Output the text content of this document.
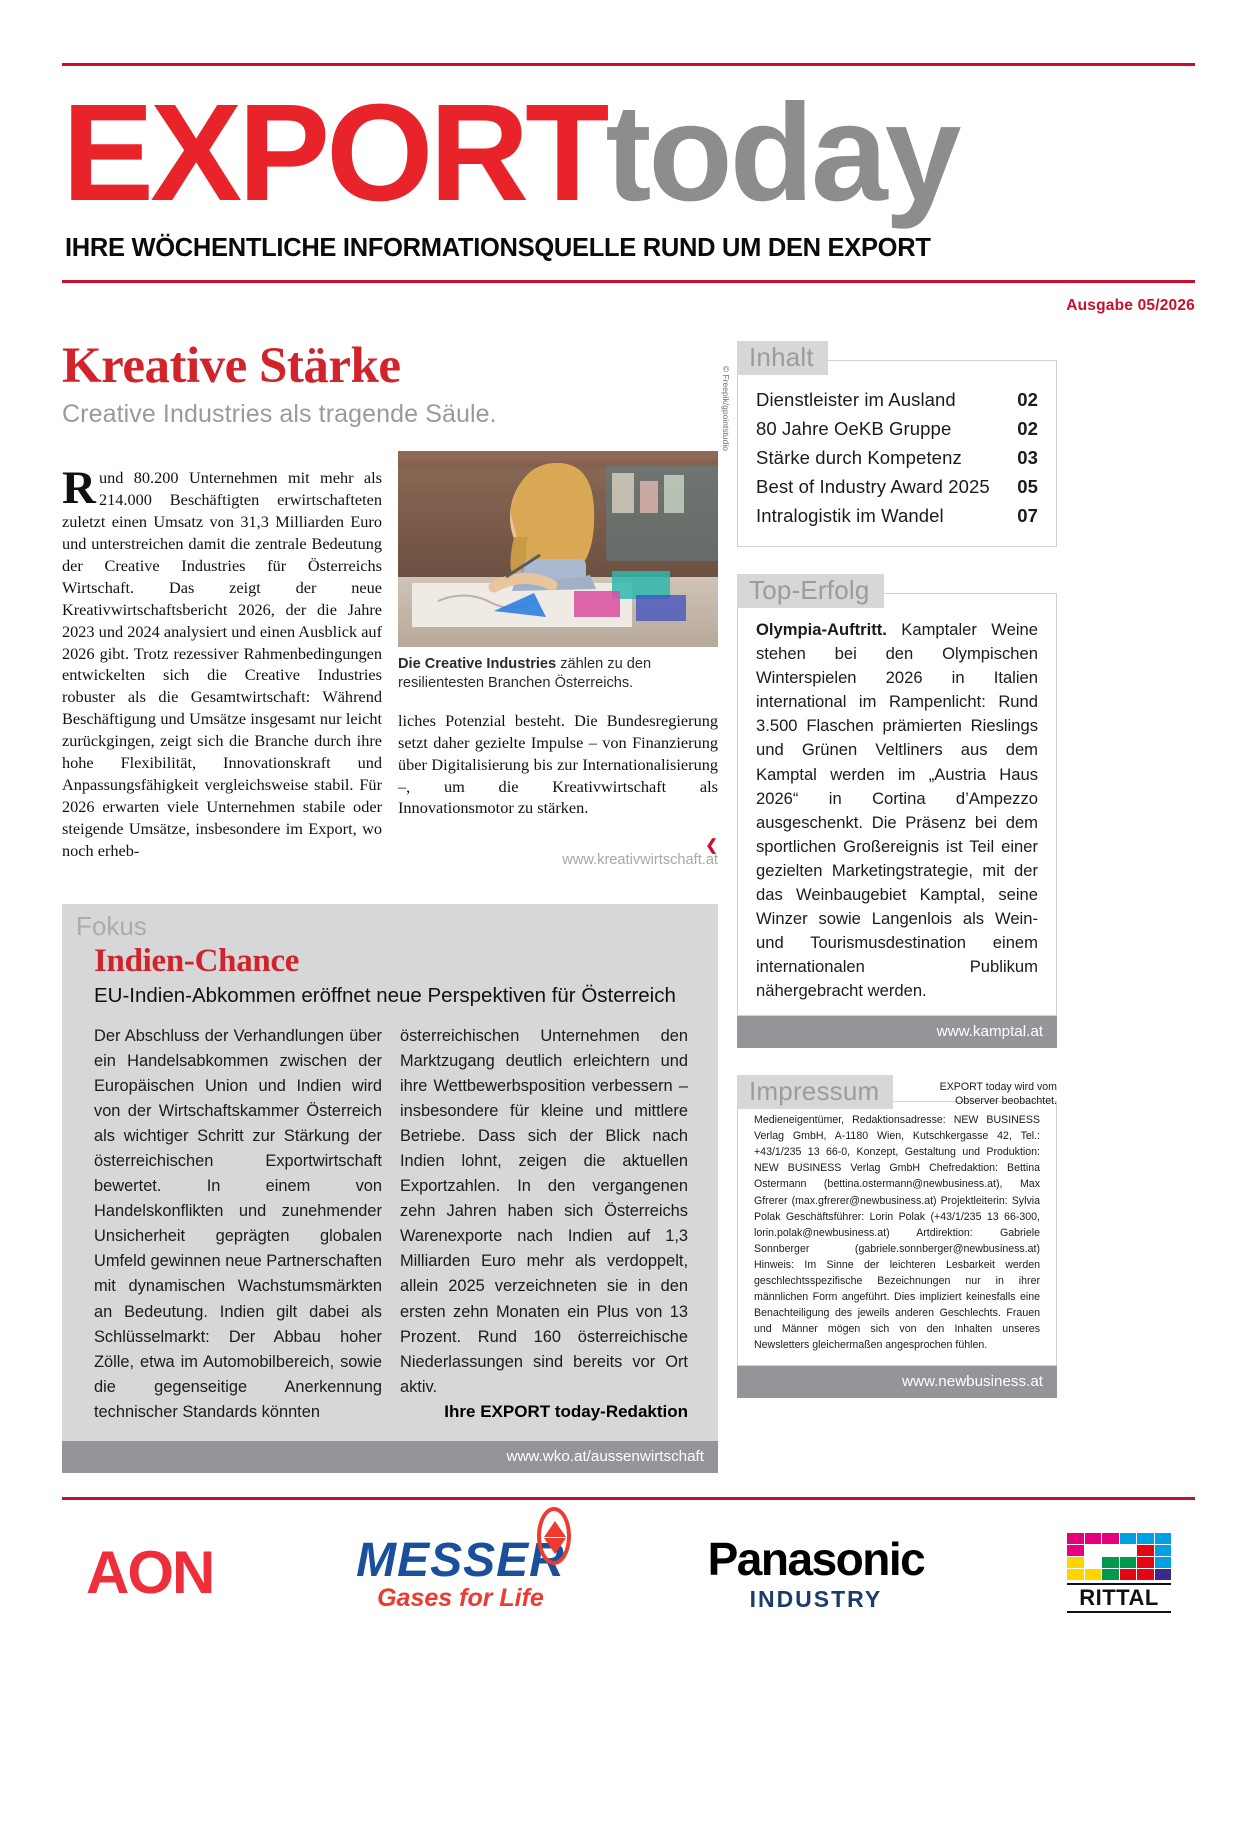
EXPORTtoday
IHRE WÖCHENTLICHE INFORMATIONSQUELLE RUND UM DEN EXPORT
Ausgabe 05/2026
Kreative Stärke
Creative Industries als tragende Säule.

Rund 80.200 Unternehmen mit mehr als 214.000 Beschäftigten erwirtschafteten zuletzt einen Umsatz von 31,3 Milliarden Euro und unterstreichen damit die zentrale Bedeutung der Creative Industries für Österreichs Wirtschaft. Das zeigt der neue Kreativwirtschaftsbericht 2026, der die Jahre 2023 und 2024 analysiert und einen Ausblick auf 2026 gibt. Trotz rezessiver Rahmenbedingungen entwickelten sich die Creative Industries robuster als die Gesamtwirtschaft: Während Beschäftigung und Umsätze insgesamt nur leicht zurückgingen, zeigt sich die Branche durch ihre hohe Flexibilität, Innovationskraft und Anpassungsfähigkeit vergleichsweise stabil. Für 2026 erwarten viele Unternehmen stabile oder steigende Umsätze, insbesondere im Export, wo noch erheb-

© Freepik/gpointstudio
Die Creative Industries zählen zu den resilientesten Branchen Österreichs.

liches Potenzial besteht. Die Bundesregierung setzt daher gezielte Impulse – von Finanzierung über Digitalisierung bis zur Internationalisierung –, um die Kreativwirtschaft als Innovationsmotor zu stärken.

❮
www.kreativwirtschaft.at
Fokus
Indien-Chance
EU-Indien-Abkommen eröffnet neue Perspektiven für Österreich
Der Abschluss der Verhandlungen über ein Handelsabkommen zwischen der Europäischen Union und Indien wird von der Wirtschaftskammer Österreich als wichtiger Schritt zur Stärkung der österreichischen Exportwirtschaft bewertet. In einem von Handelskonflikten und zunehmender Unsicherheit geprägten globalen Umfeld gewinnen neue Partnerschaften mit dynamischen Wachstumsmärkten an Bedeutung. Indien gilt dabei als Schlüsselmarkt: Der Abbau hoher Zölle, etwa im Automobilbereich, sowie die gegenseitige Anerkennung technischer Standards könnten
österreichischen Unternehmen den Marktzugang deutlich erleichtern und ihre Wettbewerbsposition verbessern – insbesondere für kleine und mittlere Betriebe. Dass sich der Blick nach Indien lohnt, zeigen die aktuellen Exportzahlen. In den vergangenen zehn Jahren haben sich Österreichs Warenexporte nach Indien auf 1,3 Milliarden Euro mehr als verdoppelt, allein 2025 verzeichneten sie in den ersten zehn Monaten ein Plus von 13 Prozent. Rund 160 österreichische Niederlassungen sind bereits vor Ort aktiv.
Ihre EXPORT today-Redaktion
www.wko.at/aussenwirtschaft
Inhalt
Dienstleister im Ausland	02
80 Jahre OeKB Gruppe	02
Stärke durch Kompetenz	03
Best of Industry Award 2025	05
Intralogistik im Wandel	07
Top-Erfolg
Olympia-Auftritt. Kamptaler Weine stehen bei den Olympischen Winterspielen 2026 in Italien international im Rampenlicht: Rund 3.500 Flaschen prämierten Rieslings und Grünen Veltliners aus dem Kamptal werden im „Austria Haus 2026“ in Cortina d’Ampezzo ausgeschenkt. Die Präsenz bei dem sportlichen Großereignis ist Teil einer gezielten Marketingstrategie, mit der das Weinbaugebiet Kamptal, seine Winzer sowie Langenlois als Wein- und Tourismusdestination einem internationalen Publikum nähergebracht werden.
www.kamptal.at
Impressum	EXPORT today wird vom Observer beobachtet.
Medieneigentümer, Redaktionsadresse: NEW BUSINESS Verlag GmbH, A-1180 Wien, Kutschkergasse 42, Tel.: +43/1/235 13 66-0, Konzept, Gestaltung und Produktion: NEW BUSINESS Verlag GmbH Chefredaktion: Bettina Ostermann (bettina.ostermann@newbusiness.at), Max Gfrerer (max.gfrerer@newbusiness.at) Projektleiterin: Sylvia Polak Geschäftsführer: Lorin Polak (+43/1/235 13 66-300, lorin.polak@newbusiness.at) Artdirektion: Gabriele Sonnberger (gabriele.sonnberger@newbusiness.at) Hinweis: Im Sinne der leichteren Lesbarkeit werden geschlechtsspezifische Bezeichnungen nur in ihrer männlichen Form angeführt. Dies impliziert keinesfalls eine Benachteiligung des jeweils anderen Geschlechts. Frauen und Männer mögen sich von den Inhalten unseres Newsletters gleichermaßen angesprochen fühlen.
www.newbusiness.at
AON	MESSER
Gases for Life
Panasonic
INDUSTRY	RITTAL
